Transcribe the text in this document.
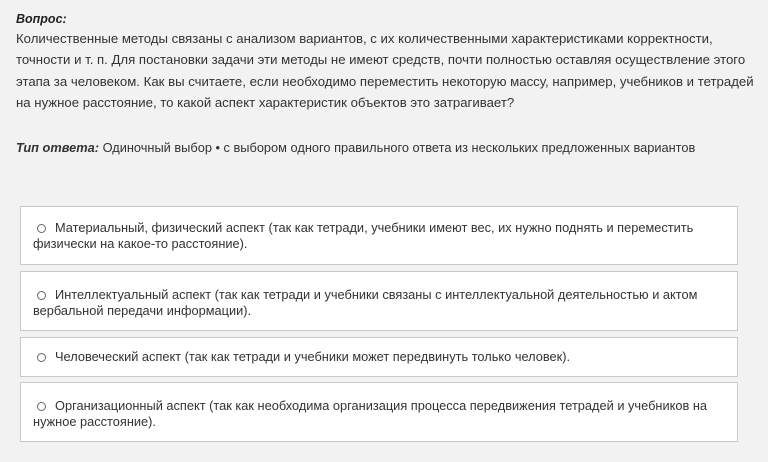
Вопрос:
Количественные методы связаны с анализом вариантов, с их количественными характеристиками корректности, точности и т. п. Для постановки задачи эти методы не имеют средств, почти полностью оставляя осуществление этого этапа за человеком. Как вы считаете, если необходимо переместить некоторую массу, например, учебников и тетрадей на нужное расстояние, то какой аспект характеристик объектов это затрагивает?
Тип ответа: Одиночный выбор • с выбором одного правильного ответа из нескольких предложенных вариантов
Материальный, физический аспект (так как тетради, учебники имеют вес, их нужно поднять и переместить физически на какое-то расстояние).
Интеллектуальный аспект (так как тетради и учебники связаны с интеллектуальной деятельностью и актом вербальной передачи информации).
Человеческий аспект (так как тетради и учебники может передвинуть только человек).
Организационный аспект (так как необходима организация процесса передвижения тетрадей и учебников на нужное расстояние).
